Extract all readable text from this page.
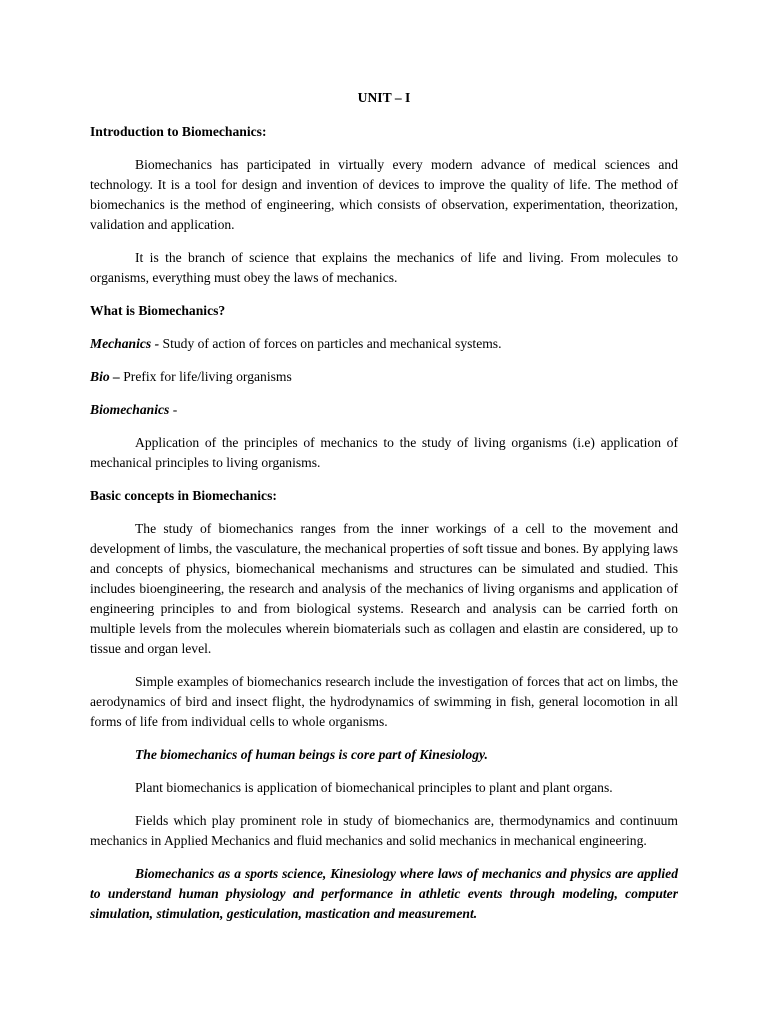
UNIT – I
Introduction to Biomechanics:

Biomechanics has participated in virtually every modern advance of medical sciences and technology. It is a tool for design and invention of devices to improve the quality of life. The method of biomechanics is the method of engineering, which consists of observation, experimentation, theorization, validation and application.

It is the branch of science that explains the mechanics of life and living. From molecules to organisms, everything must obey the laws of mechanics.

What is Biomechanics?
Mechanics - Study of action of forces on particles and mechanical systems.
Bio – Prefix for life/living organisms
Biomechanics -

Application of the principles of mechanics to the study of living organisms (i.e) application of mechanical principles to living organisms.

Basic concepts in Biomechanics:

The study of biomechanics ranges from the inner workings of a cell to the movement and development of limbs, the vasculature, the mechanical properties of soft tissue and bones. By applying laws and concepts of physics, biomechanical mechanisms and structures can be simulated and studied. This includes bioengineering, the research and analysis of the mechanics of living organisms and application of engineering principles to and from biological systems. Research and analysis can be carried forth on multiple levels from the molecules wherein biomaterials such as collagen and elastin are considered, up to tissue and organ level.

Simple examples of biomechanics research include the investigation of forces that act on limbs, the aerodynamics of bird and insect flight, the hydrodynamics of swimming in fish, general locomotion in all forms of life from individual cells to whole organisms.

The biomechanics of human beings is core part of Kinesiology.

Plant biomechanics is application of biomechanical principles to plant and plant organs.

Fields which play prominent role in study of biomechanics are, thermodynamics and continuum mechanics in Applied Mechanics and fluid mechanics and solid mechanics in mechanical engineering.

Biomechanics as a sports science, Kinesiology where laws of mechanics and physics are applied to understand human physiology and performance in athletic events through modeling, computer simulation, stimulation, gesticulation, mastication and measurement.
